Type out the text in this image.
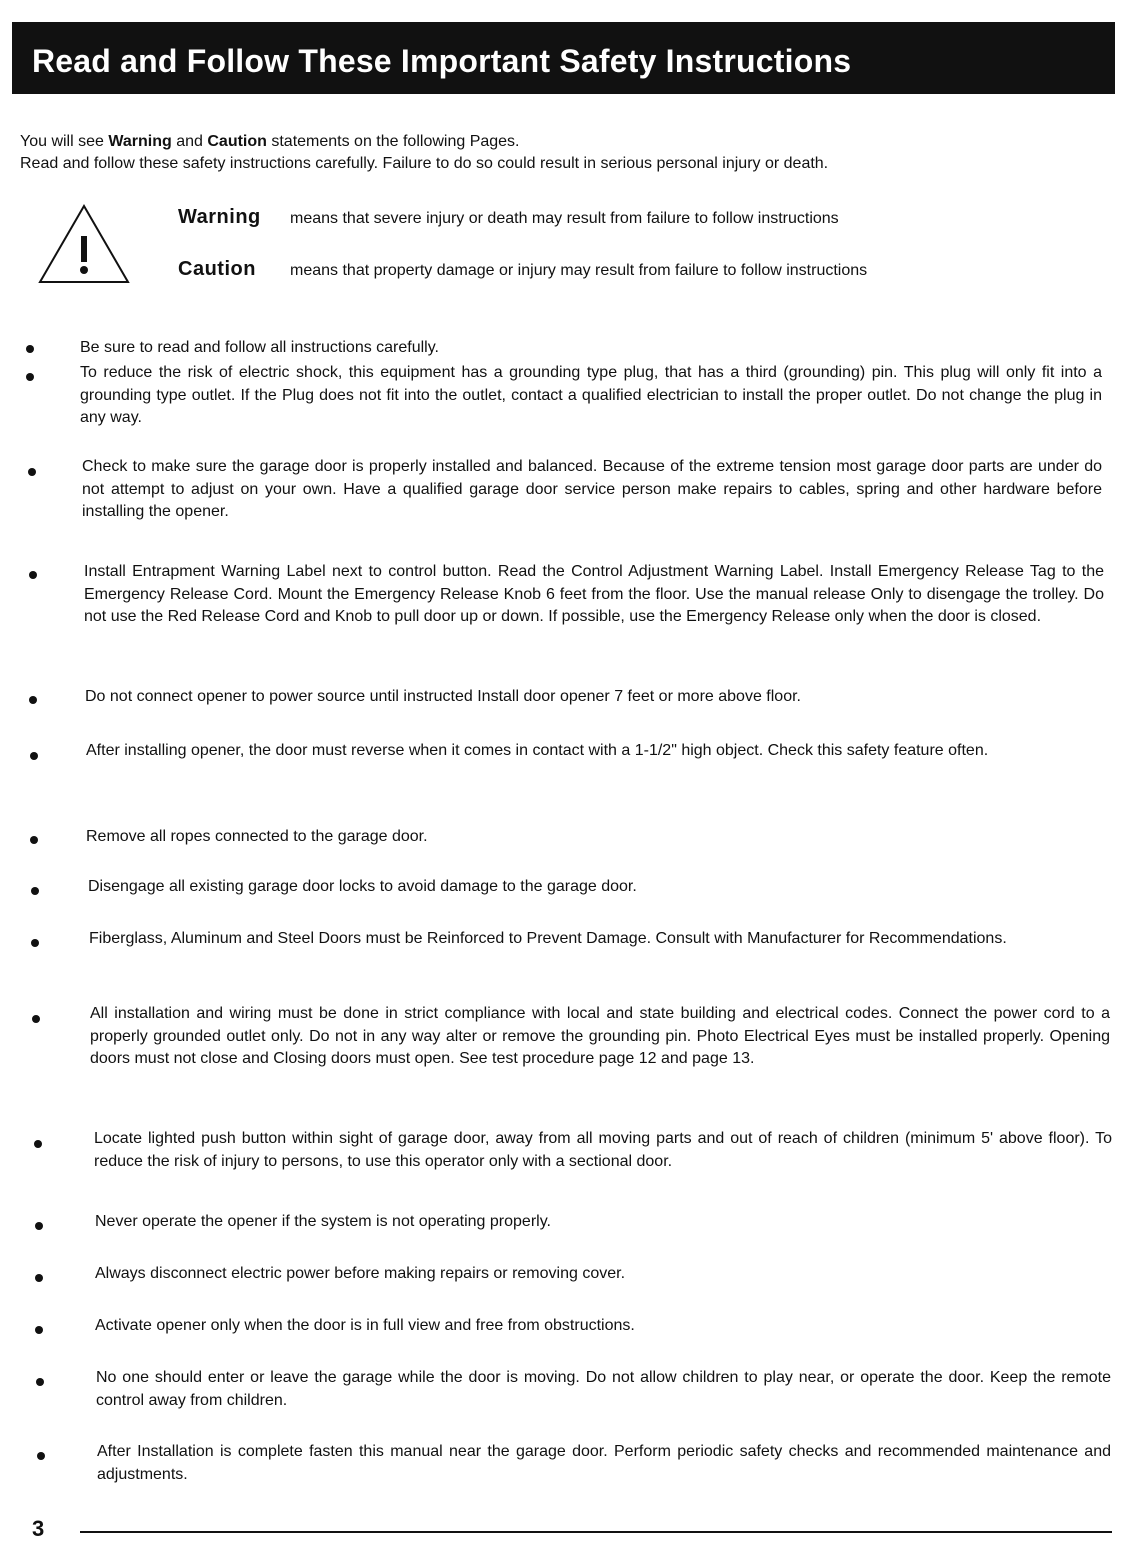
Read and Follow These Important Safety Instructions
You will see Warning and Caution statements on the following Pages.
Read and follow these safety instructions carefully. Failure to do so could result in serious personal injury or death.
Warning	means that severe injury or death may result from failure to follow instructions
Caution	means that property damage or injury may result from failure to follow instructions
Be sure to read and follow all instructions carefully.
To reduce the risk of electric shock, this equipment has a grounding type plug, that has a third (grounding) pin. This plug will only fit into a grounding type outlet. If the Plug does not fit into the outlet, contact a qualified electrician to install the proper outlet. Do not change the plug in any way.
Check to make sure the garage door is properly installed and balanced. Because of the extreme tension most garage door parts are under do not attempt to adjust on your own. Have a qualified garage door service person make repairs to cables, spring and other hardware before installing the opener.
Install Entrapment Warning Label next to control button. Read the Control Adjustment Warning Label. Install Emergency Release Tag to the Emergency Release Cord. Mount the Emergency Release Knob 6 feet from the floor. Use the manual release Only to disengage the trolley. Do not use the Red Release Cord and Knob to pull door up or down. If possible, use the Emergency Release only when the door is closed.
Do not connect opener to power source until instructed Install door opener 7 feet or more above floor.
After installing opener, the door must reverse when it comes in contact with a 1-1/2" high object. Check this safety feature often.
Remove all ropes connected to the garage door.
Disengage all existing garage door locks to avoid damage to the garage door.
Fiberglass, Aluminum and Steel Doors must be Reinforced to Prevent Damage. Consult with Manufacturer for Recommendations.
All installation and wiring must be done in strict compliance with local and state building and electrical codes. Connect the power cord to a properly grounded outlet only. Do not in any way alter or remove the grounding pin. Photo Electrical Eyes must be installed properly. Opening doors must not close and Closing doors must open. See test procedure page 12 and page 13.
Locate lighted push button within sight of garage door, away from all moving parts and out of reach of children (minimum 5' above floor). To reduce the risk of injury to persons, to use this operator only with a sectional door.
Never operate the opener if the system is not operating properly.
Always disconnect electric power before making repairs or removing cover.
Activate opener only when the door is in full view and free from obstructions.
No one should enter or leave the garage while the door is moving. Do not allow children to play near, or operate the door. Keep the remote control away from children.
After Installation is complete fasten this manual near the garage door. Perform periodic safety checks and recommended maintenance and adjustments.
3
